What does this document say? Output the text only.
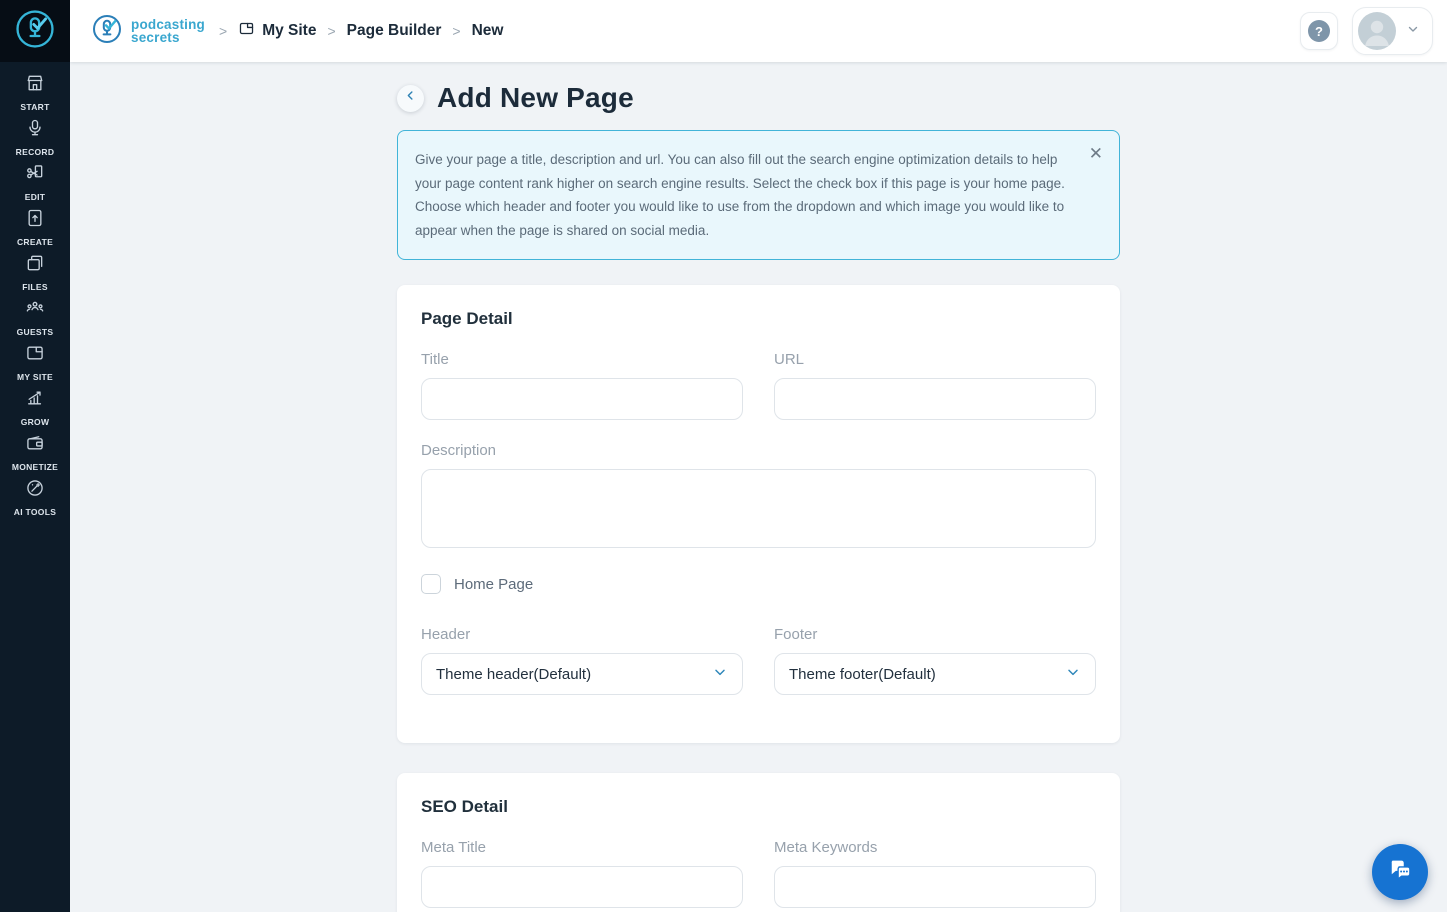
START
RECORD
EDIT
CREATE
FILES
GUESTS
MY SITE
GROW
MONETIZE
AI TOOLS
podcasting
secrets	> My Site > Page Builder > New	?
Add New Page
Give your page a title, description and url. You can also fill out the search engine optimization details to help your page content rank higher on search engine results. Select the check box if this page is your home page. Choose which header and footer you would like to use from the dropdown and which image you would like to appear when the page is shared on social media.
✕
Page Detail
Title	URL
Description
Home Page
Header
Theme header(Default)
Footer
Theme footer(Default)
SEO Detail
Meta Title	Meta Keywords
